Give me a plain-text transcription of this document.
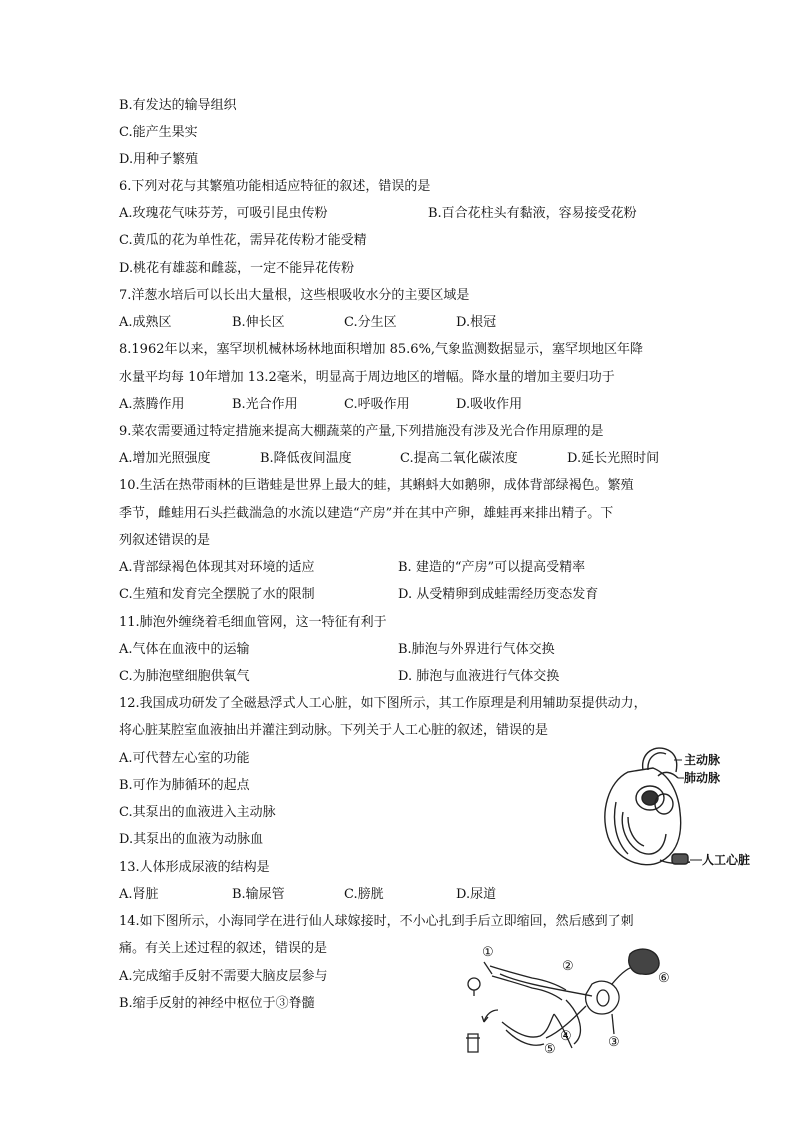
B.有发达的输导组织
C.能产生果实
D.用种子繁殖
6.下列对花与其繁殖功能相适应特征的叙述，错误的是
A.玫瑰花气味芬芳，可吸引昆虫传粉	B.百合花柱头有黏液，容易接受花粉
C.黄瓜的花为单性花，需异花传粉才能受精
D.桃花有雄蕊和雌蕊，一定不能异花传粉
7.洋葱水培后可以长出大量根，这些根吸收水分的主要区域是
A.成熟区	B.伸长区	C.分生区	D.根冠
8.1962年以来，塞罕坝机械林场林地面积增加 85.6%,气象监测数据显示，塞罕坝地区年降
水量平均每 10年增加 13.2毫米，明显高于周边地区的增幅。降水量的增加主要归功于
A.蒸腾作用	B.光合作用	C.呼吸作用	D.吸收作用
9.菜农需要通过特定措施来提高大棚蔬菜的产量,下列措施没有涉及光合作用原理的是
A.增加光照强度	B.降低夜间温度	C.提高二氧化碳浓度	D.延长光照时间
10.生活在热带雨林的巨谐蛙是世界上最大的蛙，其蝌蚪大如鹅卵，成体背部绿褐色。繁殖
季节，雌蛙用石头拦截湍急的水流以建造“产房”并在其中产卵，雄蛙再来排出精子。下
列叙述错误的是
A.背部绿褐色体现其对环境的适应	B. 建造的“产房”可以提高受精率
C.生殖和发育完全摆脱了水的限制	D. 从受精卵到成蛙需经历变态发育
11.肺泡外缠绕着毛细血管网，这一特征有利于
A.气体在血液中的运输	B.肺泡与外界进行气体交换
C.为肺泡壁细胞供氧气	D. 肺泡与血液进行气体交换
12.我国成功研发了全磁悬浮式人工心脏，如下图所示，其工作原理是利用辅助泵提供动力，
将心脏某腔室血液抽出并灌注到动脉。下列关于人工心脏的叙述，错误的是
A.可代替左心室的功能
B.可作为肺循环的起点
C.其泵出的血液进入主动脉
D.其泵出的血液为动脉血
13.人体形成尿液的结构是
A.肾脏	B.输尿管	C.膀胱	D.尿道
14.如下图所示，小海同学在进行仙人球嫁接时，不小心扎到手后立即缩回，然后感到了刺
痛。有关上述过程的叙述，错误的是
A.完成缩手反射不需要大脑皮层参与
B.缩手反射的神经中枢位于③脊髓
主动脉
肺动脉
人工心脏
①
②
③
④
⑤
⑥
